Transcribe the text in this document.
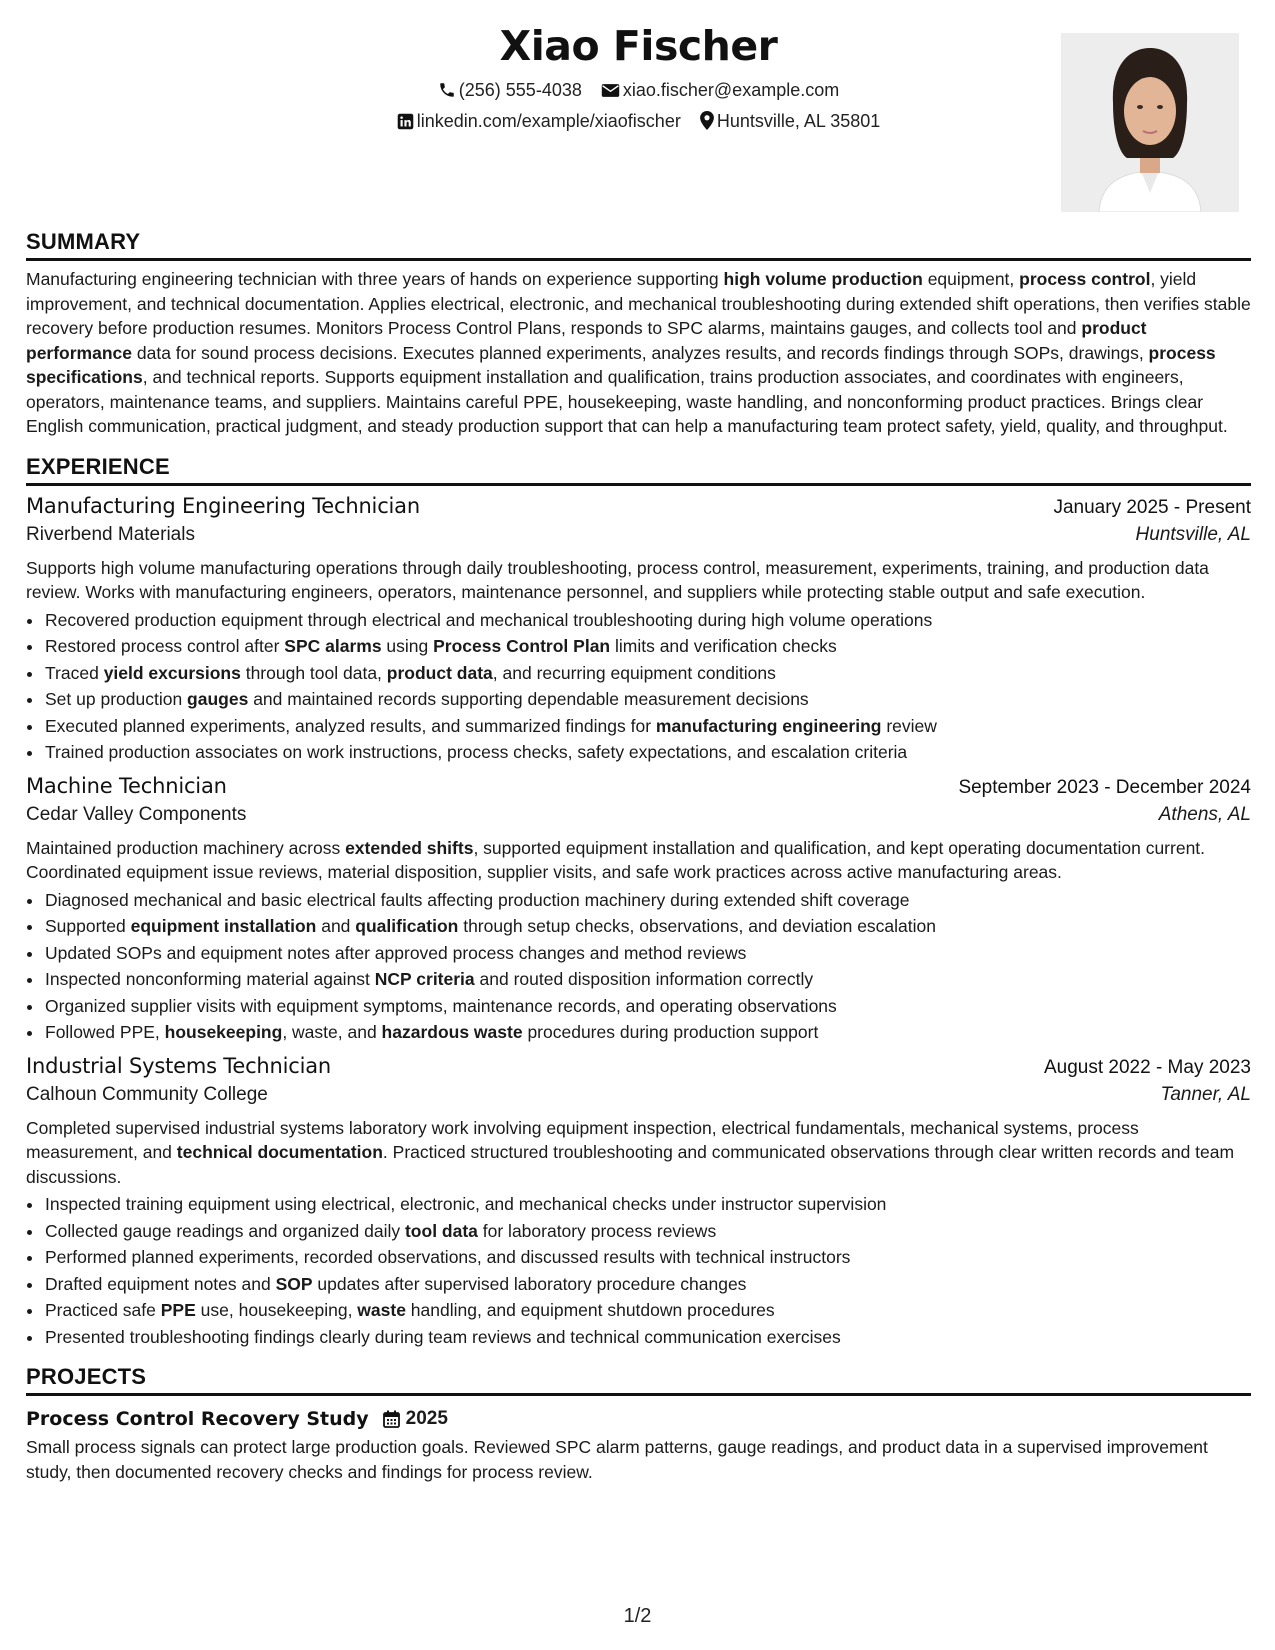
Xiao Fischer
(256) 555-4038 xiao.fischer@example.com
linkedin.com/example/xiaofischer Huntsville, AL 35801
SUMMARY

Manufacturing engineering technician with three years of hands on experience supporting high volume production equipment, process control, yield improvement, and technical documentation. Applies electrical, electronic, and mechanical troubleshooting during extended shift operations, then verifies stable recovery before production resumes. Monitors Process Control Plans, responds to SPC alarms, maintains gauges, and collects tool and product performance data for sound process decisions. Executes planned experiments, analyzes results, and records findings through SOPs, drawings, process specifications, and technical reports. Supports equipment installation and qualification, trains production associates, and coordinates with engineers, operators, maintenance teams, and suppliers. Maintains careful PPE, housekeeping, waste handling, and nonconforming product practices. Brings clear English communication, practical judgment, and steady production support that can help a manufacturing team protect safety, yield, quality, and throughput.

EXPERIENCE
Manufacturing Engineering Technician	January 2025 - Present
Riverbend Materials	Huntsville, AL

Supports high volume manufacturing operations through daily troubleshooting, process control, measurement, experiments, training, and production data review. Works with manufacturing engineers, operators, maintenance personnel, and suppliers while protecting stable output and safe execution.

• Recovered production equipment through electrical and mechanical troubleshooting during high volume operations
• Restored process control after SPC alarms using Process Control Plan limits and verification checks
• Traced yield excursions through tool data, product data, and recurring equipment conditions
• Set up production gauges and maintained records supporting dependable measurement decisions
• Executed planned experiments, analyzed results, and summarized findings for manufacturing engineering review
• Trained production associates on work instructions, process checks, safety expectations, and escalation criteria
Machine Technician	September 2023 - December 2024
Cedar Valley Components	Athens, AL

Maintained production machinery across extended shifts, supported equipment installation and qualification, and kept operating documentation current. Coordinated equipment issue reviews, material disposition, supplier visits, and safe work practices across active manufacturing areas.

• Diagnosed mechanical and basic electrical faults affecting production machinery during extended shift coverage
• Supported equipment installation and qualification through setup checks, observations, and deviation escalation
• Updated SOPs and equipment notes after approved process changes and method reviews
• Inspected nonconforming material against NCP criteria and routed disposition information correctly
• Organized supplier visits with equipment symptoms, maintenance records, and operating observations
• Followed PPE, housekeeping, waste, and hazardous waste procedures during production support
Industrial Systems Technician	August 2022 - May 2023
Calhoun Community College	Tanner, AL

Completed supervised industrial systems laboratory work involving equipment inspection, electrical fundamentals, mechanical systems, process measurement, and technical documentation. Practiced structured troubleshooting and communicated observations through clear written records and team discussions.

• Inspected training equipment using electrical, electronic, and mechanical checks under instructor supervision
• Collected gauge readings and organized daily tool data for laboratory process reviews
• Performed planned experiments, recorded observations, and discussed results with technical instructors
• Drafted equipment notes and SOP updates after supervised laboratory procedure changes
• Practiced safe PPE use, housekeeping, waste handling, and equipment shutdown procedures
• Presented troubleshooting findings clearly during team reviews and technical communication exercises
PROJECTS
Process Control Recovery Study 2025

Small process signals can protect large production goals. Reviewed SPC alarm patterns, gauge readings, and product data in a supervised improvement study, then documented recovery checks and findings for process review.

1/2
